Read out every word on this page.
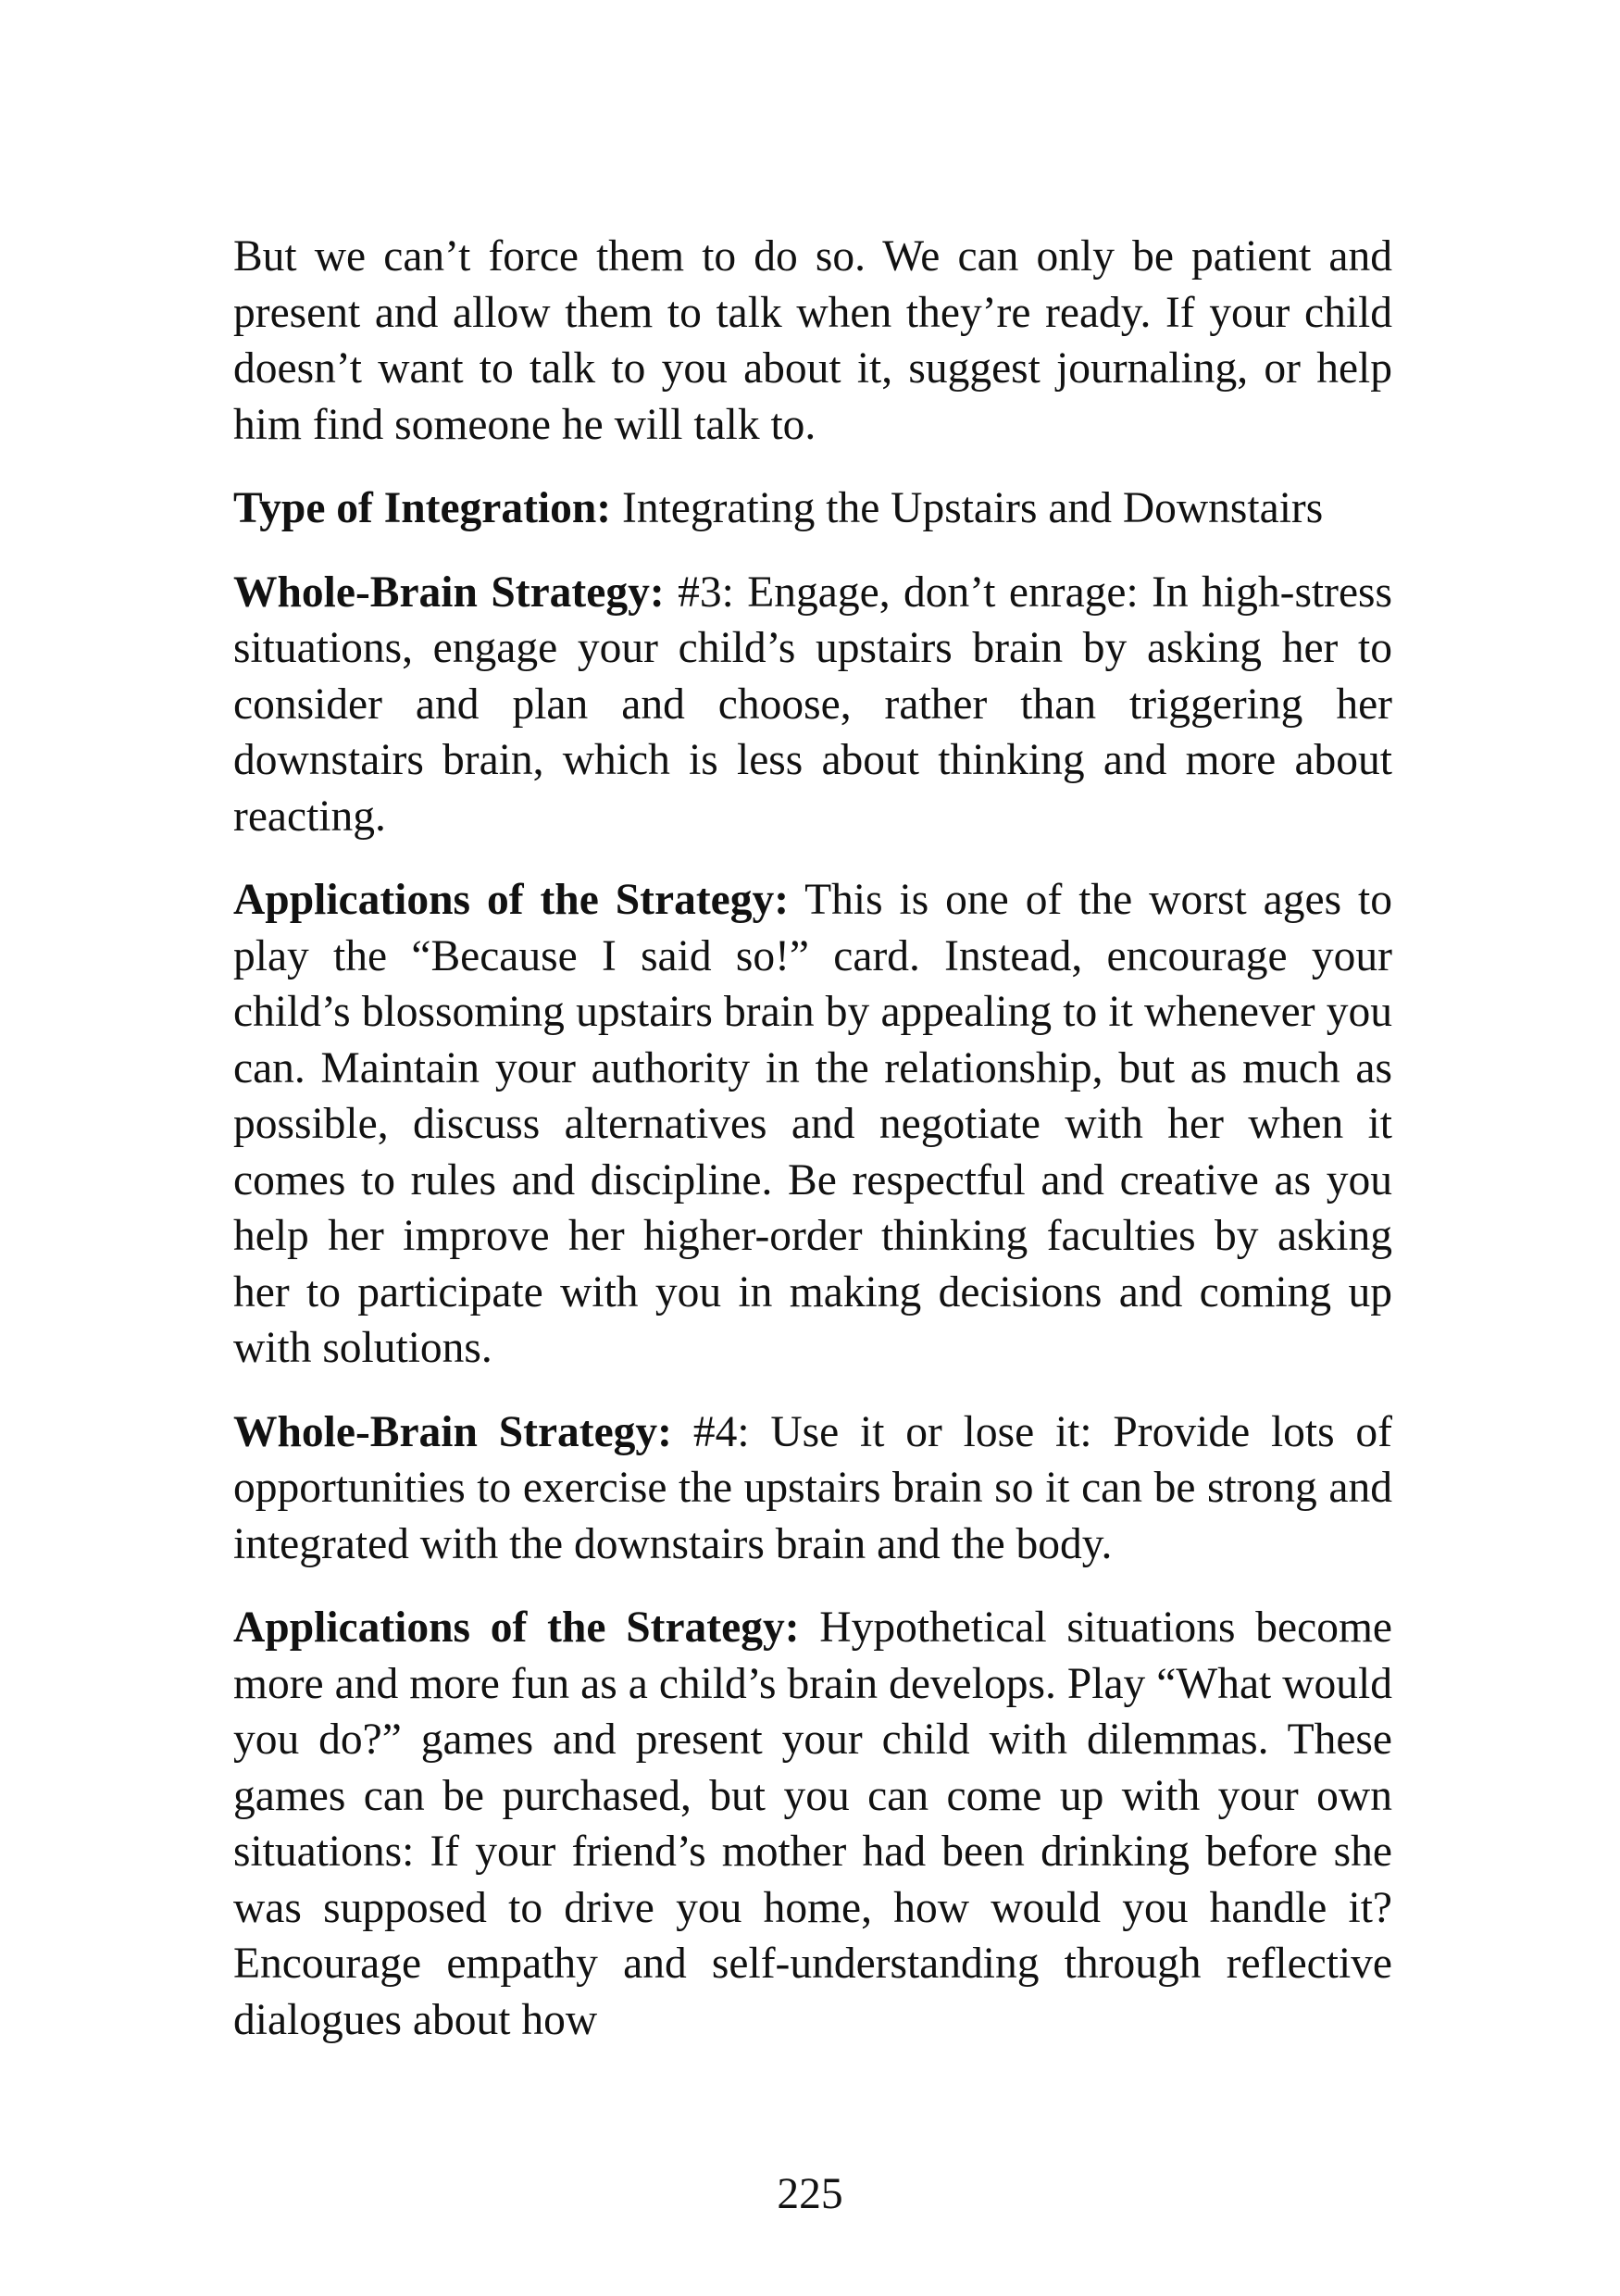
But we can’t force them to do so. We can only be patient and present and allow them to talk when they’re ready. If your child doesn’t want to talk to you about it, suggest journaling, or help him find someone he will talk to.

Type of Integration: Integrating the Upstairs and Downstairs

Whole-Brain Strategy: #3: Engage, don’t enrage: In high-stress situations, engage your child’s upstairs brain by asking her to consider and plan and choose, rather than triggering her downstairs brain, which is less about thinking and more about reacting.

Applications of the Strategy: This is one of the worst ages to play the “Because I said so!” card. Instead, encourage your child’s blossoming upstairs brain by appealing to it whenever you can. Maintain your authority in the relationship, but as much as possible, discuss alternatives and negotiate with her when it comes to rules and discipline. Be respectful and creative as you help her improve her higher-order thinking faculties by asking her to participate with you in making decisions and coming up with solutions.

Whole-Brain Strategy: #4: Use it or lose it: Provide lots of opportunities to exercise the upstairs brain so it can be strong and integrated with the downstairs brain and the body.

Applications of the Strategy: Hypothetical situations become more and more fun as a child’s brain develops. Play “What would you do?” games and present your child with dilemmas. These games can be purchased, but you can come up with your own situations: If your friend’s mother had been drinking before she was supposed to drive you home, how would you handle it? Encourage empathy and self-understanding through reflective dialogues about how

225
